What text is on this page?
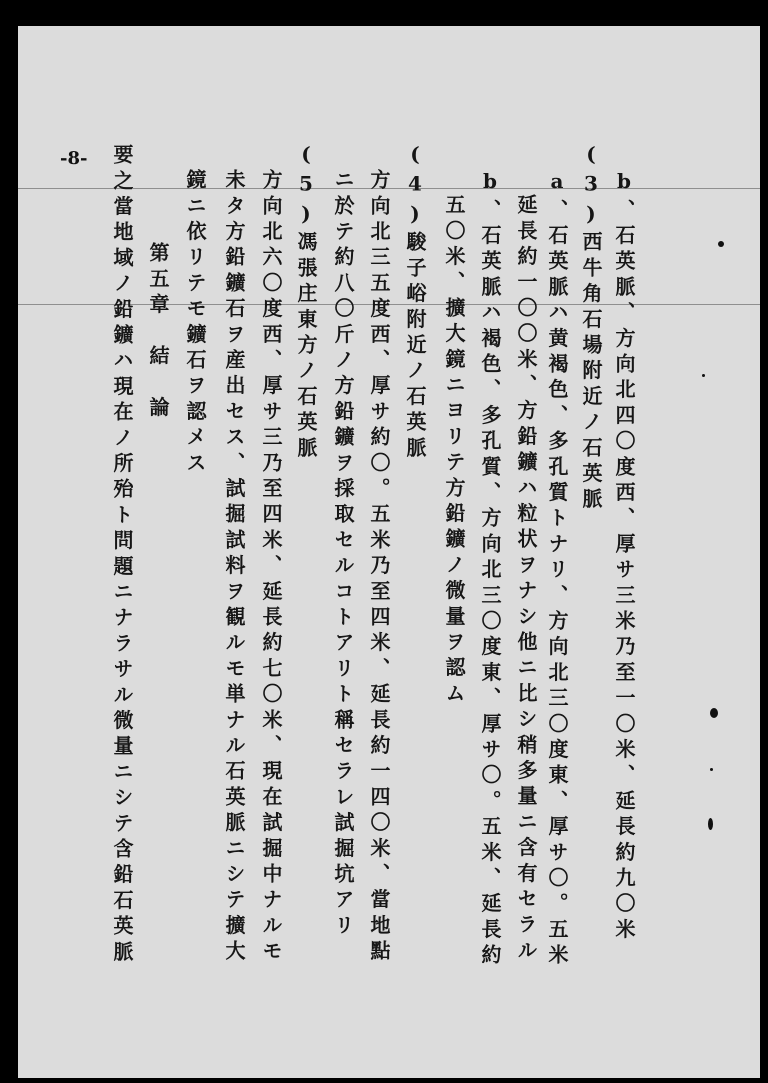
-8-
b、石英脈、方向北四〇度西、厚サ三米乃至一〇米、延長約九〇米
(3)西牛角石場附近ノ石英脈
a、石英脈ハ黄褐色、多孔質トナリ、方向北三〇度東、厚サ〇。五米
延長約一〇〇米、方鉛鑛ハ粒状ヲナシ他ニ比シ稍多量ニ含有セラル
b、石英脈ハ褐色、多孔質、方向北三〇度東、厚サ〇。五米、延長約
五〇米、擴大鏡ニヨリテ方鉛鑛ノ微量ヲ認ム
(4)駿子峪附近ノ石英脈
方向北三五度西、厚サ約〇。五米乃至四米、延長約一四〇米、當地點
ニ於テ約八〇斤ノ方鉛鑛ヲ採取セルコトアリト稱セラレ試掘坑アリ
(5)馮張庄東方ノ石英脈
方向北六〇度西、厚サ三乃至四米、延長約七〇米、現在試掘中ナルモ
未タ方鉛鑛石ヲ産出セス、試掘試料ヲ観ルモ単ナル石英脈ニシテ擴大
鏡ニ依リテモ鑛石ヲ認メス
第五章　結　論
要之當地域ノ鉛鑛ハ現在ノ所殆ト問題ニナラサル微量ニシテ含鉛石英脈
